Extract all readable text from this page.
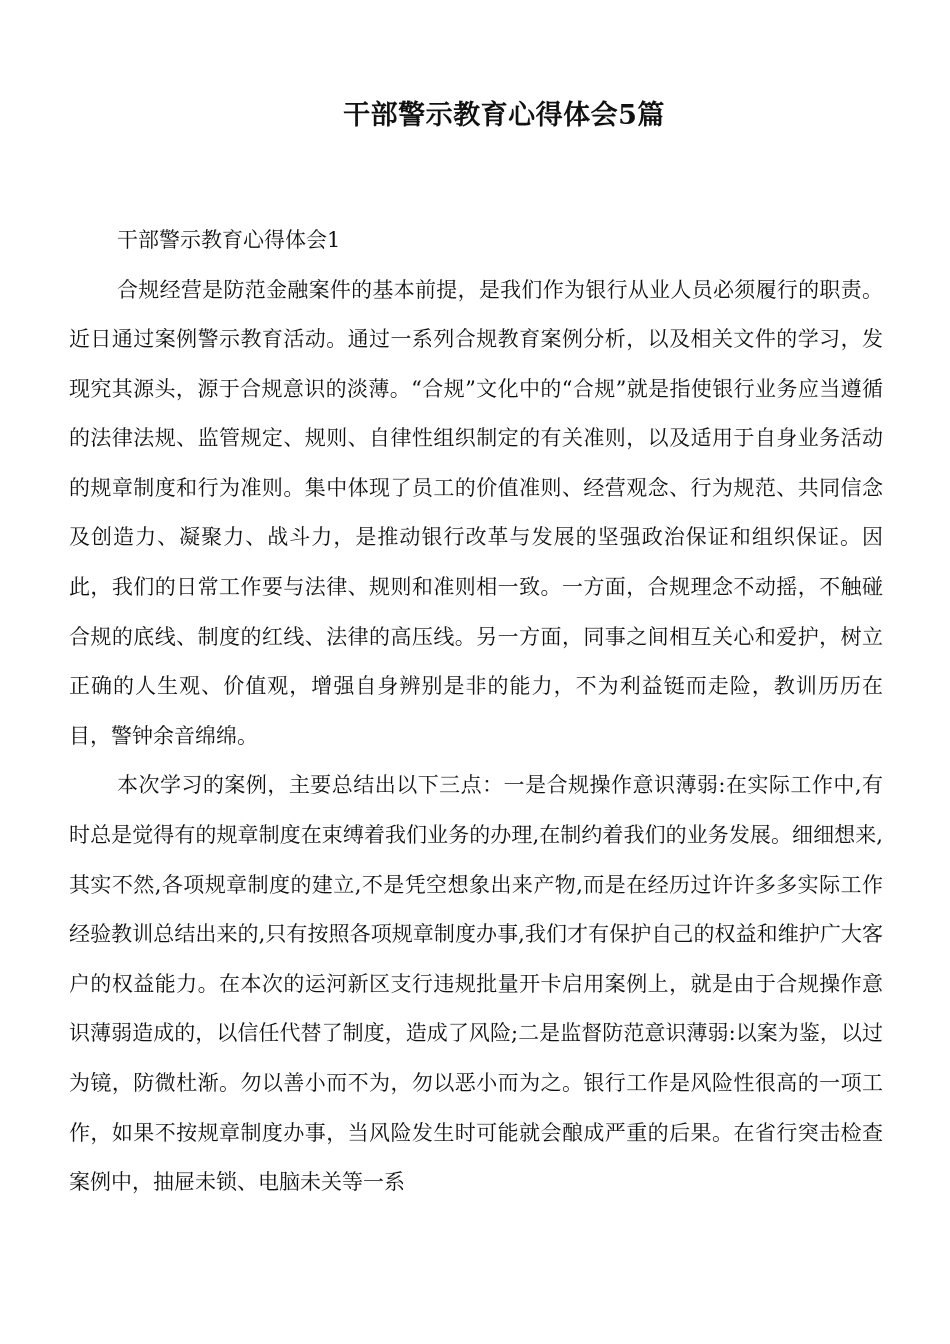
干部警示教育心得体会5篇

干部警示教育心得体会1

合规经营是防范金融案件的基本前提，是我们作为银行从业人员必须履行的职责。近日通过案例警示教育活动。通过一系列合规教育案例分析，以及相关文件的学习，发现究其源头，源于合规意识的淡薄。“合规”文化中的“合规”就是指使银行业务应当遵循的法律法规、监管规定、规则、自律性组织制定的有关准则，以及适用于自身业务活动的规章制度和行为准则。集中体现了员工的价值准则、经营观念、行为规范、共同信念及创造力、凝聚力、战斗力，是推动银行改革与发展的坚强政治保证和组织保证。因此，我们的日常工作要与法律、规则和准则相一致。一方面，合规理念不动摇，不触碰合规的底线、制度的红线、法律的高压线。另一方面，同事之间相互关心和爱护，树立正确的人生观、价值观，增强自身辨别是非的能力，不为利益铤而走险，教训历历在目，警钟余音绵绵。

本次学习的案例，主要总结出以下三点：一是合规操作意识薄弱:在实际工作中,有时总是觉得有的规章制度在束缚着我们业务的办理,在制约着我们的业务发展。细细想来,其实不然,各项规章制度的建立,不是凭空想象出来产物,而是在经历过许许多多实际工作经验教训总结出来的,只有按照各项规章制度办事,我们才有保护自己的权益和维护广大客户的权益能力。在本次的运河新区支行违规批量开卡启用案例上，就是由于合规操作意识薄弱造成的，以信任代替了制度，造成了风险;二是监督防范意识薄弱:以案为鉴，以过为镜，防微杜渐。勿以善小而不为，勿以恶小而为之。银行工作是风险性很高的一项工作，如果不按规章制度办事，当风险发生时可能就会酿成严重的后果。在省行突击检查案例中，抽屉未锁、电脑未关等一系
